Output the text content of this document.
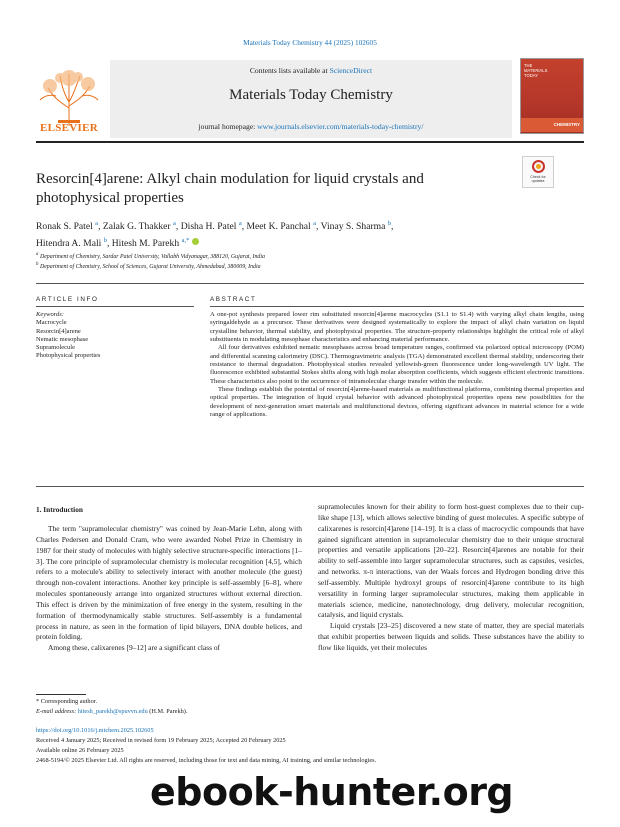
Materials Today Chemistry 44 (2025) 102605
ELSEVIER
Contents lists available at ScienceDirect
Materials Today Chemistry
journal homepage: www.journals.elsevier.com/materials-today-chemistry/
THE
MATERIALS
TODAY
CHEMISTRY
Check for
updates
Resorcin[4]arene: Alkyl chain modulation for liquid crystals and photophysical properties
Ronak S. Patel $^a$, Zalak G. Thakker $^a$, Disha H. Patel $^a$, Meet K. Panchal $^a$, Vinay S. Sharma $^b$,
Hitendra A. Mali $^b$, Hitesh M. Parekh $^{a,*}$
$^a$ Department of Chemistry, Sardar Patel University, Vallabh Vidyanagar, 388120, Gujarat, India
$^b$ Department of Chemistry, School of Sciences, Gujarat University, Ahmedabad, 380009, India
ARTICLE INFO	ABSTRACT
Keywords:
Macrocycle
Resorcin[4]arene
Nematic mesophase
Supramolecule
Photophysical properties

A one-pot synthesis prepared lower rim substituted resorcin[4]arene macrocycles (S1.1 to S1.4) with varying alkyl chain lengths, using syringaldehyde as a precursor. These derivatives were designed systematically to explore the impact of alkyl chain variation on liquid crystalline behavior, thermal stability, and photophysical properties. The structure-property relationships highlight the critical role of alkyl substituents in modulating mesophase characteristics and enhancing material performance.

All four derivatives exhibited nematic mesophases across broad temperature ranges, confirmed via polarized optical microscopy (POM) and differential scanning calorimetry (DSC). Thermogravimetric analysis (TGA) demonstrated excellent thermal stability, underscoring their resistance to thermal degradation. Photophysical studies revealed yellowish-green fluorescence under long-wavelength UV light. The fluorescence exhibited substantial Stokes shifts along with high molar absorption coefficients, which suggests efficient electronic transitions. These characteristics also point to the occurrence of intramolecular charge transfer within the molecule.

These findings establish the potential of resorcin[4]arene-based materials as multifunctional platforms, combining thermal properties and optical properties. The integration of liquid crystal behavior with advanced photophysical properties opens new possibilities for the development of next-generation smart materials and multifunctional devices, offering significant advances in material science for a wide range of applications.

1. Introduction

The term "supramolecular chemistry" was coined by Jean-Marie Lehn, along with Charles Pedersen and Donald Cram, who were awarded Nobel Prize in Chemistry in 1987 for their study of molecules with highly selective structure-specific interactions [1–3]. The core principle of supramolecular chemistry is molecular recognition [4,5], which refers to a molecule's ability to selectively interact with another molecule (the guest) through non-covalent interactions. Another key principle is self-assembly [6–8], where molecules spontaneously arrange into organized structures without external direction. This effect is driven by the minimization of free energy in the system, resulting in the formation of thermodynamically stable structures. Self-assembly is a fundamental process in nature, as seen in the formation of lipid bilayers, DNA double helices, and protein folding.

Among these, calixarenes [9–12] are a significant class of

supramolecules known for their ability to form host-guest complexes due to their cup-like shape [13], which allows selective binding of guest molecules. A specific subtype of calixarenes is resorcin[4]arene [14–19]. It is a class of macrocyclic compounds that have gained significant attention in supramolecular chemistry due to their unique structural properties and versatile applications [20–22]. Resorcin[4]arenes are notable for their ability to self-assemble into larger supramolecular structures, such as capsules, vesicles, and networks. π-π interactions, van der Waals forces and Hydrogen bonding drive this self-assembly. Multiple hydroxyl groups of resorcin[4]arene contribute to its high versatility in forming larger supramolecular structures, making them applicable in materials science, medicine, nanotechnology, drug delivery, molecular recognition, catalysis, and liquid crystals.

Liquid crystals [23–25] discovered a new state of matter, they are special materials that exhibit properties between liquids and solids. These substances have the ability to flow like liquids, yet their molecules

* Corresponding author.
E-mail address: hitesh_parekh@spuvvn.edu (H.M. Parekh).
https://doi.org/10.1016/j.mtchem.2025.102605
Received 4 January 2025; Received in revised form 19 February 2025; Accepted 20 February 2025
Available online 26 February 2025
2468-5194/© 2025 Elsevier Ltd. All rights are reserved, including those for text and data mining, AI training, and similar technologies.
ebook-hunter.org
